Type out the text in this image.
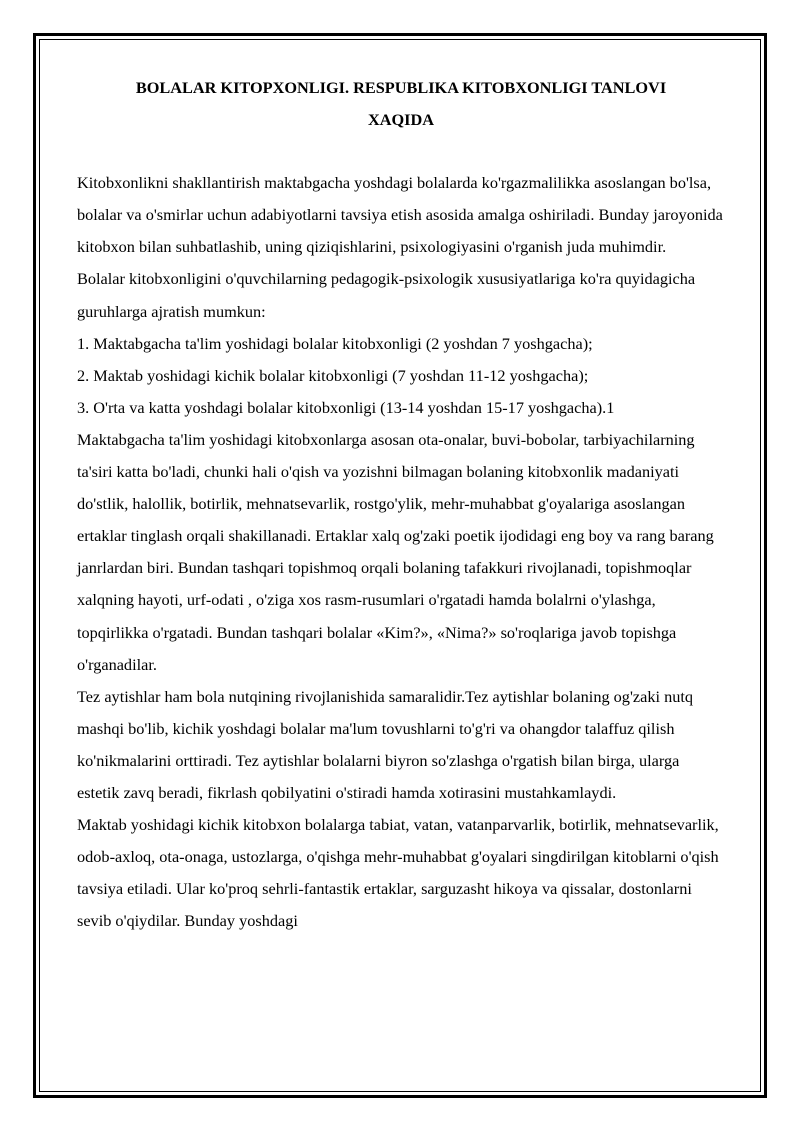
BOLALAR KITOPXONLIGI. RESPUBLIKA KITOBXONLIGI TANLOVI
XAQIDA

Kitobxonlikni shakllantirish maktabgacha yoshdagi bolalarda ko'rgazmalilikka asoslangan bo'lsa, bolalar va o'smirlar uchun adabiyotlarni tavsiya etish asosida amalga oshiriladi. Bunday jaroyonida kitobxon bilan suhbatlashib, uning qiziqishlarini, psixologiyasini o'rganish juda muhimdir.

Bolalar kitobxonligini o'quvchilarning pedagogik-psixologik xususiyatlariga ko'ra quyidagicha guruhlarga ajratish mumkun:

1. Maktabgacha ta'lim yoshidagi bolalar kitobxonligi (2 yoshdan 7 yoshgacha);

2. Maktab yoshidagi kichik bolalar kitobxonligi (7 yoshdan 11-12 yoshgacha);

3. O'rta va katta yoshdagi bolalar kitobxonligi (13-14 yoshdan 15-17 yoshgacha).1

Maktabgacha ta'lim yoshidagi kitobxonlarga asosan ota-onalar, buvi-bobolar, tarbiyachilarning ta'siri katta bo'ladi, chunki hali o'qish va yozishni bilmagan bolaning kitobxonlik madaniyati do'stlik, halollik, botirlik, mehnatsevarlik, rostgo'ylik, mehr-muhabbat g'oyalariga asoslangan ertaklar tinglash orqali shakillanadi. Ertaklar xalq og'zaki poetik ijodidagi eng boy va rang barang janrlardan biri. Bundan tashqari topishmoq orqali bolaning tafakkuri rivojlanadi, topishmoqlar xalqning hayoti, urf-odati , o'ziga xos rasm-rusumlari o'rgatadi hamda bolalrni o'ylashga, topqirlikka o'rgatadi. Bundan tashqari bolalar «Kim?», «Nima?» so'roqlariga javob topishga o'rganadilar.

Tez aytishlar ham bola nutqining rivojlanishida samaralidir.Tez aytishlar bolaning og'zaki nutq mashqi bo'lib, kichik yoshdagi bolalar ma'lum tovushlarni to'g'ri va ohangdor talaffuz qilish ko'nikmalarini orttiradi. Tez aytishlar bolalarni biyron so'zlashga o'rgatish bilan birga, ularga estetik zavq beradi, fikrlash qobilyatini o'stiradi hamda xotirasini mustahkamlaydi.

Maktab yoshidagi kichik kitobxon bolalarga tabiat, vatan, vatanparvarlik, botirlik, mehnatsevarlik, odob-axloq, ota-onaga, ustozlarga, o'qishga mehr-muhabbat g'oyalari singdirilgan kitoblarni o'qish tavsiya etiladi. Ular ko'proq sehrli-fantastik ertaklar, sarguzasht hikoya va qissalar, dostonlarni sevib o'qiydilar. Bunday yoshdagi
